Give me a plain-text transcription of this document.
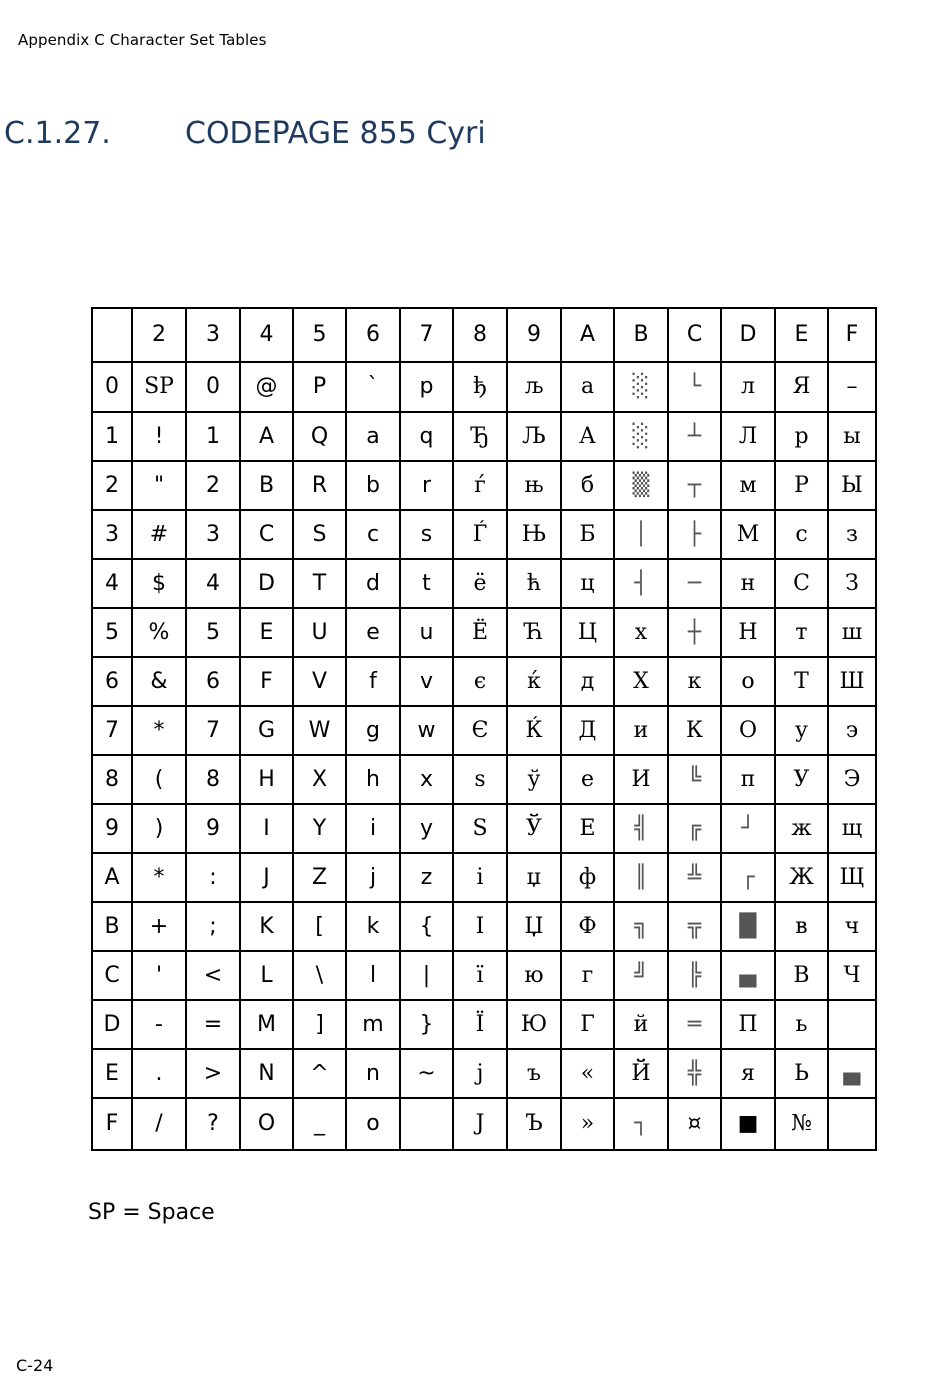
Appendix C Character Set Tables
C.1.27. CODEPAGE 855 Cyri
	2	3	4	5	6	7	8	9	A	B	C	D	E	F
0	SP	0	@	P	`	p	ђ	љ	а	░	└	л	Я	–
1	!	1	A	Q	a	q	Ђ	Љ	А	░	┴	Л	р	ы
2	"	2	B	R	b	r	ѓ	њ	б	▒	┬	м	Р	Ы
3	#	3	C	S	c	s	Ѓ	Њ	Б	│	├	М	с	з
4	$	4	D	T	d	t	ё	ћ	ц	┤	─	н	С	З
5	%	5	E	U	e	u	Ё	Ћ	Ц	х	┼	Н	т	ш
6	&	6	F	V	f	v	є	ќ	д	Х	к	о	Т	Ш
7	*	7	G	W	g	w	Є	Ќ	Д	и	К	О	у	э
8	(	8	H	X	h	x	ѕ	ў	е	И	╚	п	У	Э
9	)	9	I	Y	i	y	Ѕ	Ў	Е	╣	╔	┘	ж	щ
A	*	:	J	Z	j	z	і	џ	ф	║	╩	┌	Ж	Щ
B	+	;	K	[	k	{	І	Џ	Ф	╗	╦	█	в	ч
C	'	<	L	\	l	|	ї	ю	г	╝	╠	▄	В	Ч
D	-	=	M	]	m	}	Ї	Ю	Г	й	═	П	ь	
E	.	>	N	^	n	~	ј	ъ	«	Й	╬	я	Ь	▄
F	/	?	O	_	o		Ј	Ъ	»	┐	¤	■	№	
SP = Space
C-24
